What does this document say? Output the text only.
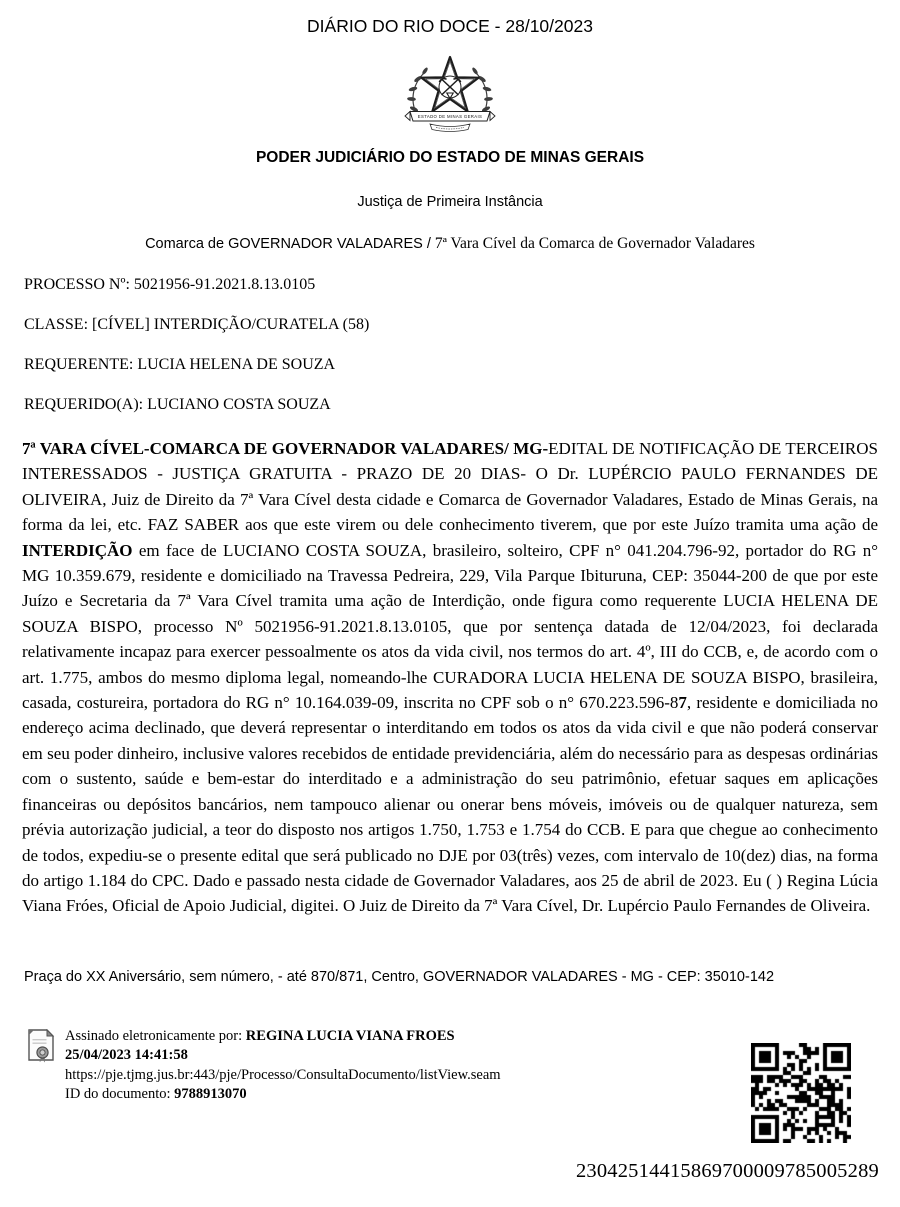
DIÁRIO DO RIO DOCE - 28/10/2023
ESTADO DE MINAS GERAIS
PODER JUDICIÁRIO DO ESTADO DE MINAS GERAIS
Justiça de Primeira Instância
Comarca de GOVERNADOR VALADARES / 7ª Vara Cível da Comarca de Governador Valadares

PROCESSO Nº: 5021956-91.2021.8.13.0105

CLASSE: [CÍVEL] INTERDIÇÃO/CURATELA (58)

REQUERENTE: LUCIA HELENA DE SOUZA

REQUERIDO(A): LUCIANO COSTA SOUZA

7ª VARA CÍVEL-COMARCA DE GOVERNADOR VALADARES/ MG-EDITAL DE NOTIFICAÇÃO DE TERCEIROS INTERESSADOS - JUSTIÇA GRATUITA - PRAZO DE 20 DIAS- O Dr. LUPÉRCIO PAULO FERNANDES DE OLIVEIRA, Juiz de Direito da 7ª Vara Cível desta cidade e Comarca de Governador Valadares, Estado de Minas Gerais, na forma da lei, etc. FAZ SABER aos que este virem ou dele conhecimento tiverem, que por este Juízo tramita uma ação de INTERDIÇÃO em face de LUCIANO COSTA SOUZA, brasileiro, solteiro, CPF n° 041.204.796-92, portador do RG n° MG 10.359.679, residente e domiciliado na Travessa Pedreira, 229, Vila Parque Ibituruna, CEP: 35044-200 de que por este Juízo e Secretaria da 7ª Vara Cível tramita uma ação de Interdição, onde figura como requerente LUCIA HELENA DE SOUZA BISPO, processo Nº 5021956-91.2021.8.13.0105, que por sentença datada de 12/04/2023, foi declarada relativamente incapaz para exercer pessoalmente os atos da vida civil, nos termos do art. 4º, III do CCB, e, de acordo com o art. 1.775, ambos do mesmo diploma legal, nomeando-lhe CURADORA LUCIA HELENA DE SOUZA BISPO, brasileira, casada, costureira, portadora do RG n° 10.164.039-09, inscrita no CPF sob o n° 670.223.596-87, residente e domiciliada no endereço acima declinado, que deverá representar o interditando em todos os atos da vida civil e que não poderá conservar em seu poder dinheiro, inclusive valores recebidos de entidade previdenciária, além do necessário para as despesas ordinárias com o sustento, saúde e bem-estar do interditado e a administração do seu patrimônio, efetuar saques em aplicações financeiras ou depósitos bancários, nem tampouco alienar ou onerar bens móveis, imóveis ou de qualquer natureza, sem prévia autorização judicial, a teor do disposto nos artigos 1.750, 1.753 e 1.754 do CCB. E para que chegue ao conhecimento de todos, expediu-se o presente edital que será publicado no DJE por 03(três) vezes, com intervalo de 10(dez) dias, na forma do artigo 1.184 do CPC. Dado e passado nesta cidade de Governador Valadares, aos 25 de abril de 2023. Eu ( ) Regina Lúcia Viana Fróes, Oficial de Apoio Judicial, digitei. O Juiz de Direito da 7ª Vara Cível, Dr. Lupércio Paulo Fernandes de Oliveira.

Praça do XX Aniversário, sem número, - até 870/871, Centro, GOVERNADOR VALADARES - MG - CEP: 35010-142
Assinado eletronicamente por: REGINA LUCIA VIANA FROES
25/04/2023 14:41:58
https://pje.tjmg.jus.br:443/pje/Processo/ConsultaDocumento/listView.seam
ID do documento: 9788913070
23042514415869700009785005289
